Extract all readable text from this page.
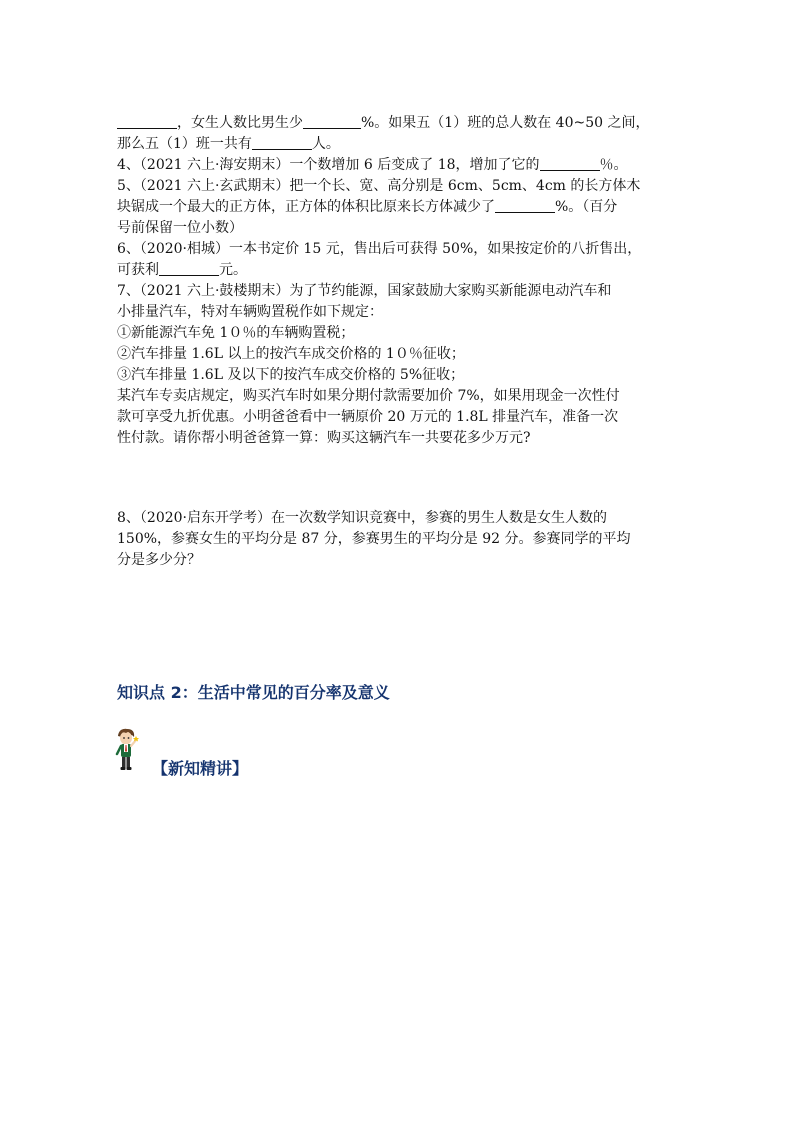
，女生人数比男生少	%。如果五（1）班的总人数在 40~50 之间，

那么五（1）班一共有	人。

4、（2021 六上·海安期末）一个数增加 6 后变成了 18，增加了它的	％。

5、（2021 六上·玄武期末）把一个长、宽、高分别是 6cm、5cm、4cm 的长方体木

块锯成一个最大的正方体，正方体的体积比原来长方体减少了	%。（百分

号前保留一位小数）

6、（2020·相城）一本书定价 15 元，售出后可获得 50%，如果按定价的八折售出，

可获利	元。

7、（2021 六上·鼓楼期末）为了节约能源，国家鼓励大家购买新能源电动汽车和

小排量汽车，特对车辆购置税作如下规定：

①新能源汽车免 1０％的车辆购置税；

②汽车排量 1.6L 以上的按汽车成交价格的 1０％征收；

③汽车排量 1.6L 及以下的按汽车成交价格的 5%征收；

某汽车专卖店规定，购买汽车时如果分期付款需要加价 7%，如果用现金一次性付

款可享受九折优惠。小明爸爸看中一辆原价 20 万元的 1.8L 排量汽车，准备一次

性付款。请你帮小明爸爸算一算：购买这辆汽车一共要花多少万元?

8、（2020·启东开学考）在一次数学知识竞赛中，参赛的男生人数是女生人数的

150%，参赛女生的平均分是 87 分，参赛男生的平均分是 92 分。参赛同学的平均

分是多少分？

知识点 2：生活中常见的百分率及意义
【新知精讲】
